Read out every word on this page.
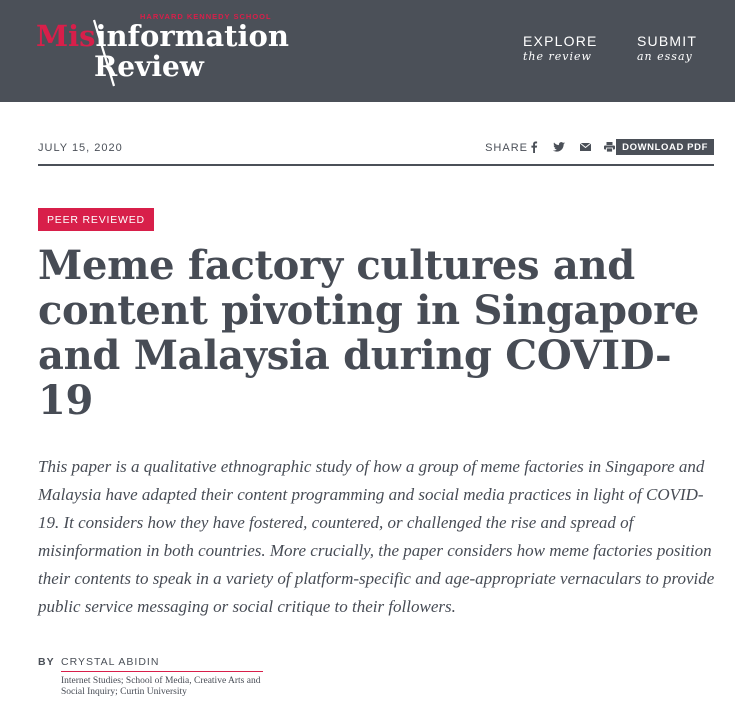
HARVARD KENNEDY SCHOOL
Misinformation
Review
EXPLORE
the review
SUBMIT
an essay
JULY 15, 2020	SHARE	DOWNLOAD PDF
PEER REVIEWED
Meme factory cultures and content pivoting in Singapore and Malaysia during COVID-19

This paper is a qualitative ethnographic study of how a group of meme factories in Singapore and Malaysia have adapted their content programming and social media practices in light of COVID-19. It considers how they have fostered, countered, or challenged the rise and spread of misinformation in both countries. More crucially, the paper considers how meme factories position their contents to speak in a variety of platform-specific and age-appropriate vernaculars to provide public service messaging or social critique to their followers.

BY CRYSTAL ABIDIN
Internet Studies; School of Media, Creative Arts and Social Inquiry; Curtin University
